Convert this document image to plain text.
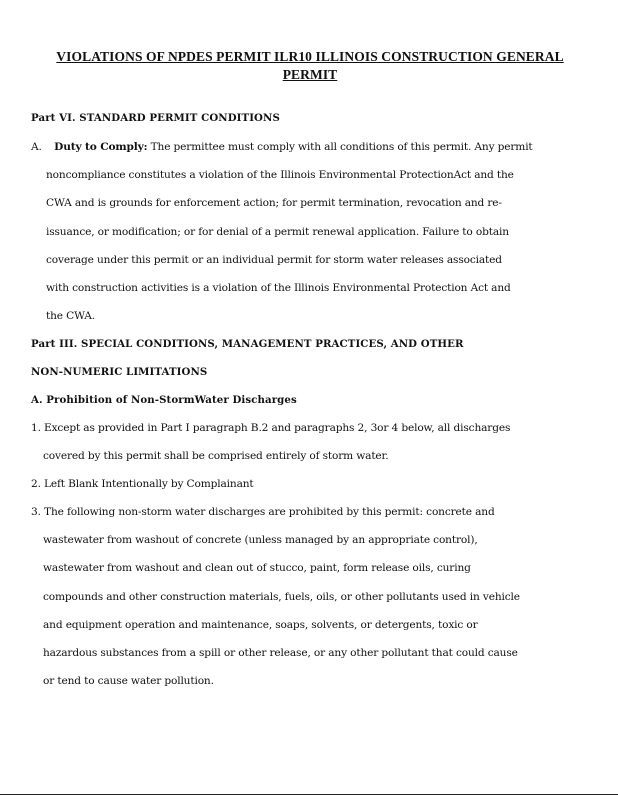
VIOLATIONS OF NPDES PERMIT ILR10 ILLINOIS CONSTRUCTION GENERAL
PERMIT
Part VI. STANDARD PERMIT CONDITIONS
A. Duty to Comply: The permittee must comply with all conditions of this permit. Any permit
noncompliance constitutes a violation of the Illinois Environmental ProtectionAct and the
CWA and is grounds for enforcement action; for permit termination, revocation and re-
issuance, or modification; or for denial of a permit renewal application. Failure to obtain
coverage under this permit or an individual permit for storm water releases associated
with construction activities is a violation of the Illinois Environmental Protection Act and
the CWA.
Part III. SPECIAL CONDITIONS, MANAGEMENT PRACTICES, AND OTHER
NON-NUMERIC LIMITATIONS
A. Prohibition of Non-StormWater Discharges
1. Except as provided in Part I paragraph B.2 and paragraphs 2, 3or 4 below, all discharges
covered by this permit shall be comprised entirely of storm water.
2. Left Blank Intentionally by Complainant
3. The following non-storm water discharges are prohibited by this permit: concrete and
wastewater from washout of concrete (unless managed by an appropriate control),
wastewater from washout and clean out of stucco, paint, form release oils, curing
compounds and other construction materials, fuels, oils, or other pollutants used in vehicle
and equipment operation and maintenance, soaps, solvents, or detergents, toxic or
hazardous substances from a spill or other release, or any other pollutant that could cause
or tend to cause water pollution.
